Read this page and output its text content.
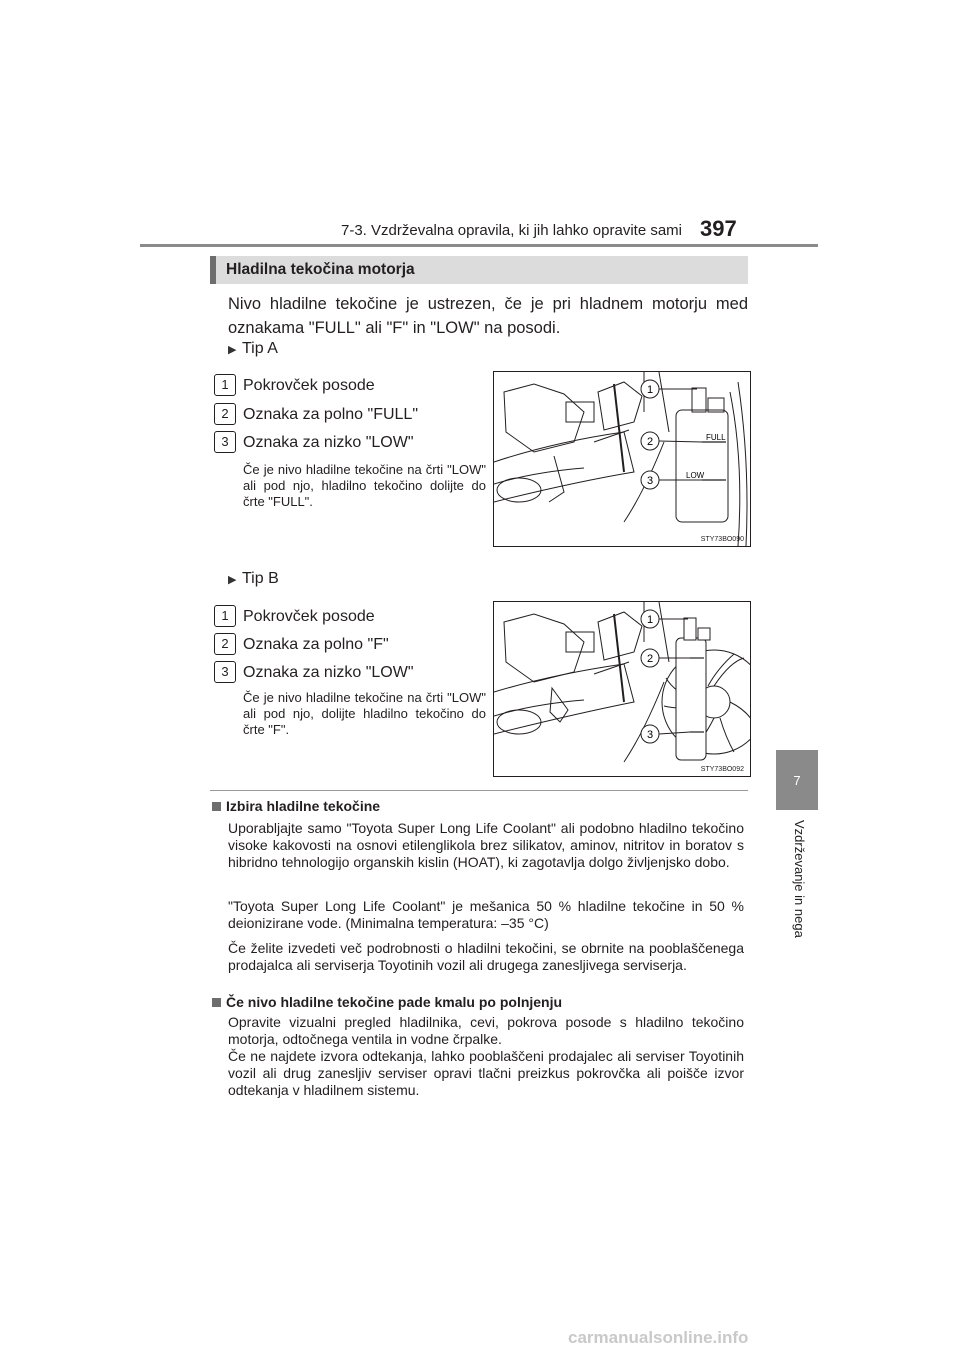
7-3. Vzdrževalna opravila, ki jih lahko opravite sami 397
7
Vzdrževanje in nega
Hladilna tekočina motorja
Nivo hladilne tekočine je ustrezen, če je pri hladnem motorju med oznakama "FULL" ali "F" in "LOW" na posodi.
▶ Tip A
1 Pokrovček posode
2 Oznaka za polno "FULL"
3 Oznaka za nizko "LOW"
Če je nivo hladilne tekočine na črti "LOW" ali pod njo, hladilno tekočino dolijte do črte "FULL".
FULL
LOW
1
2
3
STY73BO090
▶ Tip B
1 Pokrovček posode
2 Oznaka za polno "F"
3 Oznaka za nizko "LOW"
Če je nivo hladilne tekočine na črti "LOW" ali pod njo, dolijte hladilno tekočino do črte "F".
1
2
3
STY73BO092
Izbira hladilne tekočine
Uporabljajte samo "Toyota Super Long Life Coolant" ali podobno hladilno tekočino visoke kakovosti na osnovi etilenglikola brez silikatov, aminov, nitritov in boratov s hibridno tehnologijo organskih kislin (HOAT), ki zagotavlja dolgo življenjsko dobo.
"Toyota Super Long Life Coolant" je mešanica 50 % hladilne tekočine in 50 % deionizirane vode. (Minimalna temperatura: –35 °C)
Če želite izvedeti več podrobnosti o hladilni tekočini, se obrnite na pooblaščenega prodajalca ali serviserja Toyotinih vozil ali drugega zanesljivega serviserja.
Če nivo hladilne tekočine pade kmalu po polnjenju
Opravite vizualni pregled hladilnika, cevi, pokrova posode s hladilno tekočino motorja, odtočnega ventila in vodne črpalke.
Če ne najdete izvora odtekanja, lahko pooblaščeni prodajalec ali serviser Toyotinih vozil ali drug zanesljiv serviser opravi tlačni preizkus pokrovčka ali poišče izvor odtekanja v hladilnem sistemu.
carmanualsonline.info
